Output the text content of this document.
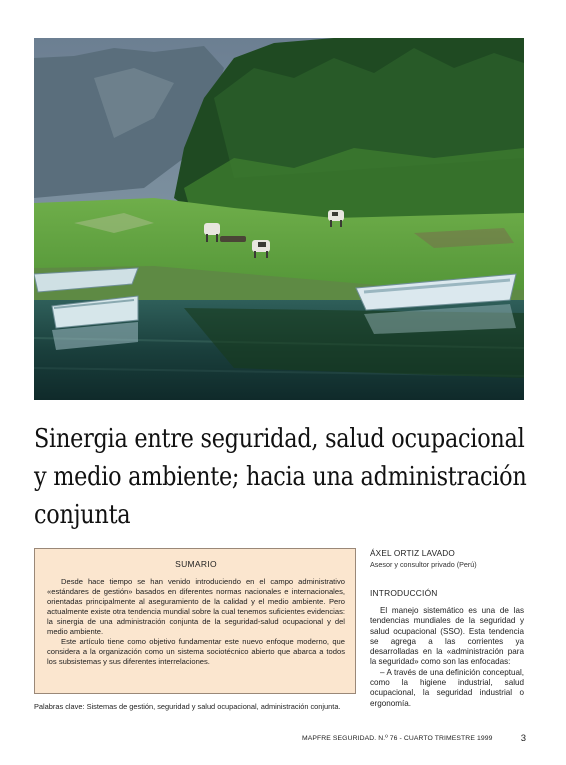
Sinergia entre seguridad, salud ocupacional y medio ambiente; hacia una administración conjunta
SUMARIO

Desde hace tiempo se han venido introduciendo en el campo administrativo «estándares de gestión» basados en diferentes normas nacionales e internacionales, orientadas principalmente al aseguramiento de la calidad y el medio ambiente. Pero actualmente existe otra tendencia mundial sobre la cual tenemos suficientes evidencias: la sinergia de una administración conjunta de la seguridad-salud ocupacional y del medio ambiente.

Este artículo tiene como objetivo fundamentar este nuevo enfoque moderno, que considera a la organización como un sistema sociotécnico abierto que abarca a todos los subsistemas y sus diferentes interrelaciones.

Palabras clave: Sistemas de gestión, seguridad y salud ocupacional, administración conjunta.
ÁXEL ORTIZ LAVADO
Asesor y consultor privado (Perú)
INTRODUCCIÓN

El manejo sistemático es una de las tendencias mundiales de la seguridad y salud ocupacional (SSO). Esta tendencia se agrega a las corrientes ya desarrolladas en la «administración para la seguridad» como son las enfocadas:

– A través de una definición conceptual, como la higiene industrial, salud ocupacional, la seguridad industrial o ergonomía.

MAPFRE SEGURIDAD. N.º 76 - CUARTO TRIMESTRE 1999	3
